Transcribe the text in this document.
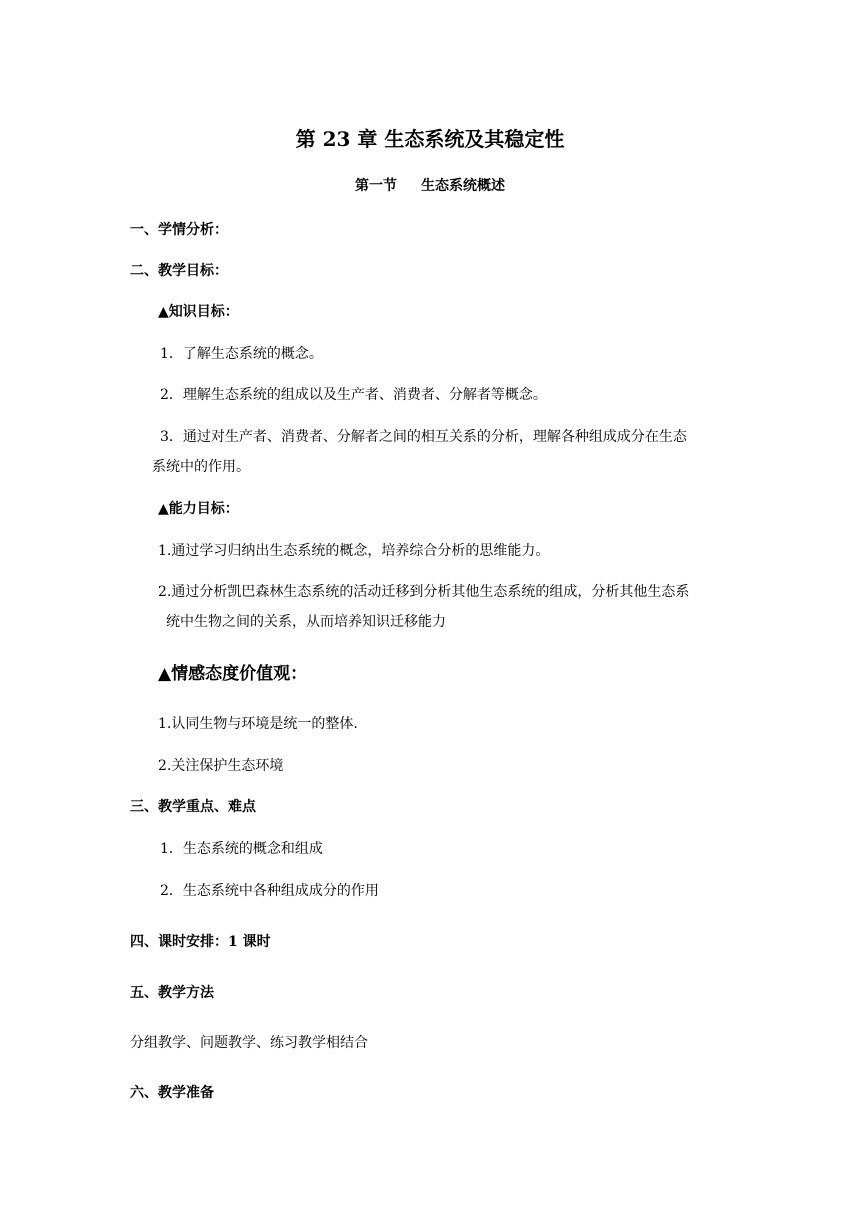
第 23 章 生态系统及其稳定性
第一节 生态系统概述
一、学情分析：
二、教学目标：
▲知识目标：
1．了解生态系统的概念。
2．理解生态系统的组成以及生产者、消费者、分解者等概念。
3．通过对生产者、消费者、分解者之间的相互关系的分析，理解各种组成成分在生态
系统中的作用。
▲能力目标：
1.通过学习归纳出生态系统的概念，培养综合分析的思维能力。
2.通过分析凯巴森林生态系统的活动迁移到分析其他生态系统的组成，分析其他生态系
统中生物之间的关系，从而培养知识迁移能力
▲情感态度价值观：
1.认同生物与环境是统一的整体.
2.关注保护生态环境
三、教学重点、难点
1．生态系统的概念和组成
2．生态系统中各种组成成分的作用
四、课时安排：1 课时
五、教学方法
分组教学、问题教学、练习教学相结合
六、教学准备
